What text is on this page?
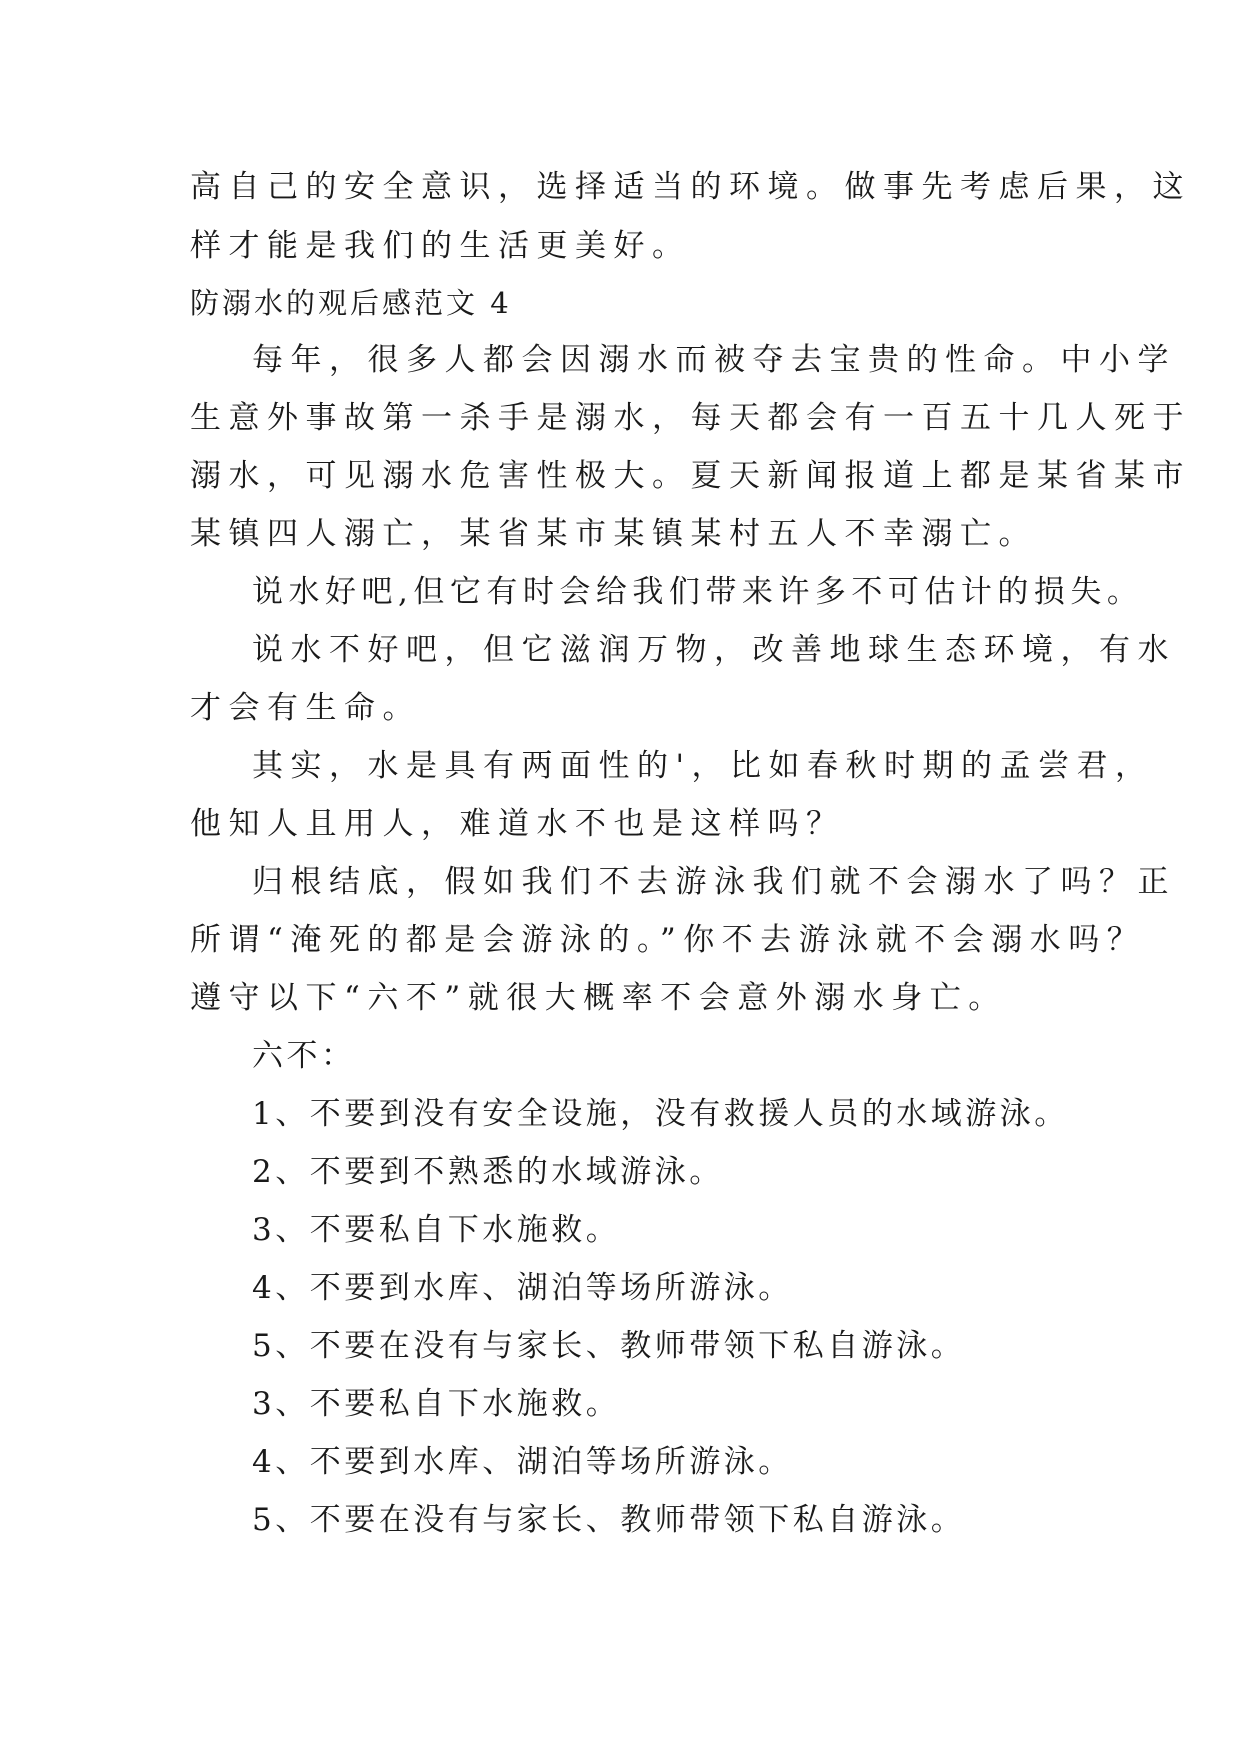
高自己的安全意识，选择适当的环境。做事先考虑后果，这
样才能是我们的生活更美好。
防溺水的观后感范文 4
每年，很多人都会因溺水而被夺去宝贵的性命。中小学
生意外事故第一杀手是溺水，每天都会有一百五十几人死于
溺水，可见溺水危害性极大。夏天新闻报道上都是某省某市
某镇四人溺亡，某省某市某镇某村五人不幸溺亡。
说水好吧,但它有时会给我们带来许多不可估计的损失。
说水不好吧，但它滋润万物，改善地球生态环境，有水
才会有生命。
其实，水是具有两面性的'，比如春秋时期的孟尝君，
他知人且用人，难道水不也是这样吗？
归根结底，假如我们不去游泳我们就不会溺水了吗？正
所谓“淹死的都是会游泳的。”你不去游泳就不会溺水吗？
遵守以下“六不”就很大概率不会意外溺水身亡。
六不：
1、不要到没有安全设施，没有救援人员的水域游泳。
2、不要到不熟悉的水域游泳。
3、不要私自下水施救。
4、不要到水库、湖泊等场所游泳。
5、不要在没有与家长、教师带领下私自游泳。
3、不要私自下水施救。
4、不要到水库、湖泊等场所游泳。
5、不要在没有与家长、教师带领下私自游泳。
